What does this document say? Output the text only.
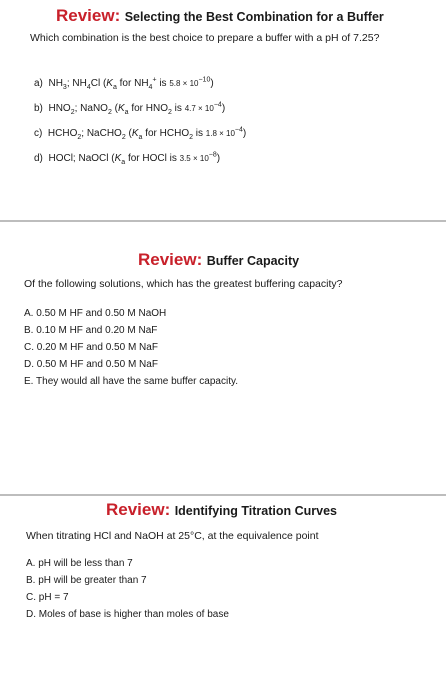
Review: Selecting the Best Combination for a Buffer
Which combination is the best choice to prepare a buffer with a pH of 7.25?
a) $NH_3$; $NH_4Cl$ ($K_a$ for $NH_4^+$ is $5.8 \times 10^{-10}$)
b) $HNO_2$; NaNO$_2$ ($K_a$ for $HNO_2$ is $4.7 \times 10^{-4}$)
c) $HCHO_2$; NaCHO$_2$ ($K_a$ for $HCHO_2$ is $1.8 \times 10^{-4}$)
d) HOCl; NaOCl ($K_a$ for HOCl is $3.5 \times 10^{-8}$)
Review: Buffer Capacity
Of the following solutions, which has the greatest buffering capacity?
A. 0.50 M HF and 0.50 M NaOH
B. 0.10 M HF and 0.20 M NaF
C. 0.20 M HF and 0.50 M NaF
D. 0.50 M HF and 0.50 M NaF
E. They would all have the same buffer capacity.
Review: Identifying Titration Curves
When titrating HCl and NaOH at 25°C, at the equivalence point
A. pH will be less than 7
B. pH will be greater than 7
C. pH = 7
D. Moles of base is higher than moles of base
